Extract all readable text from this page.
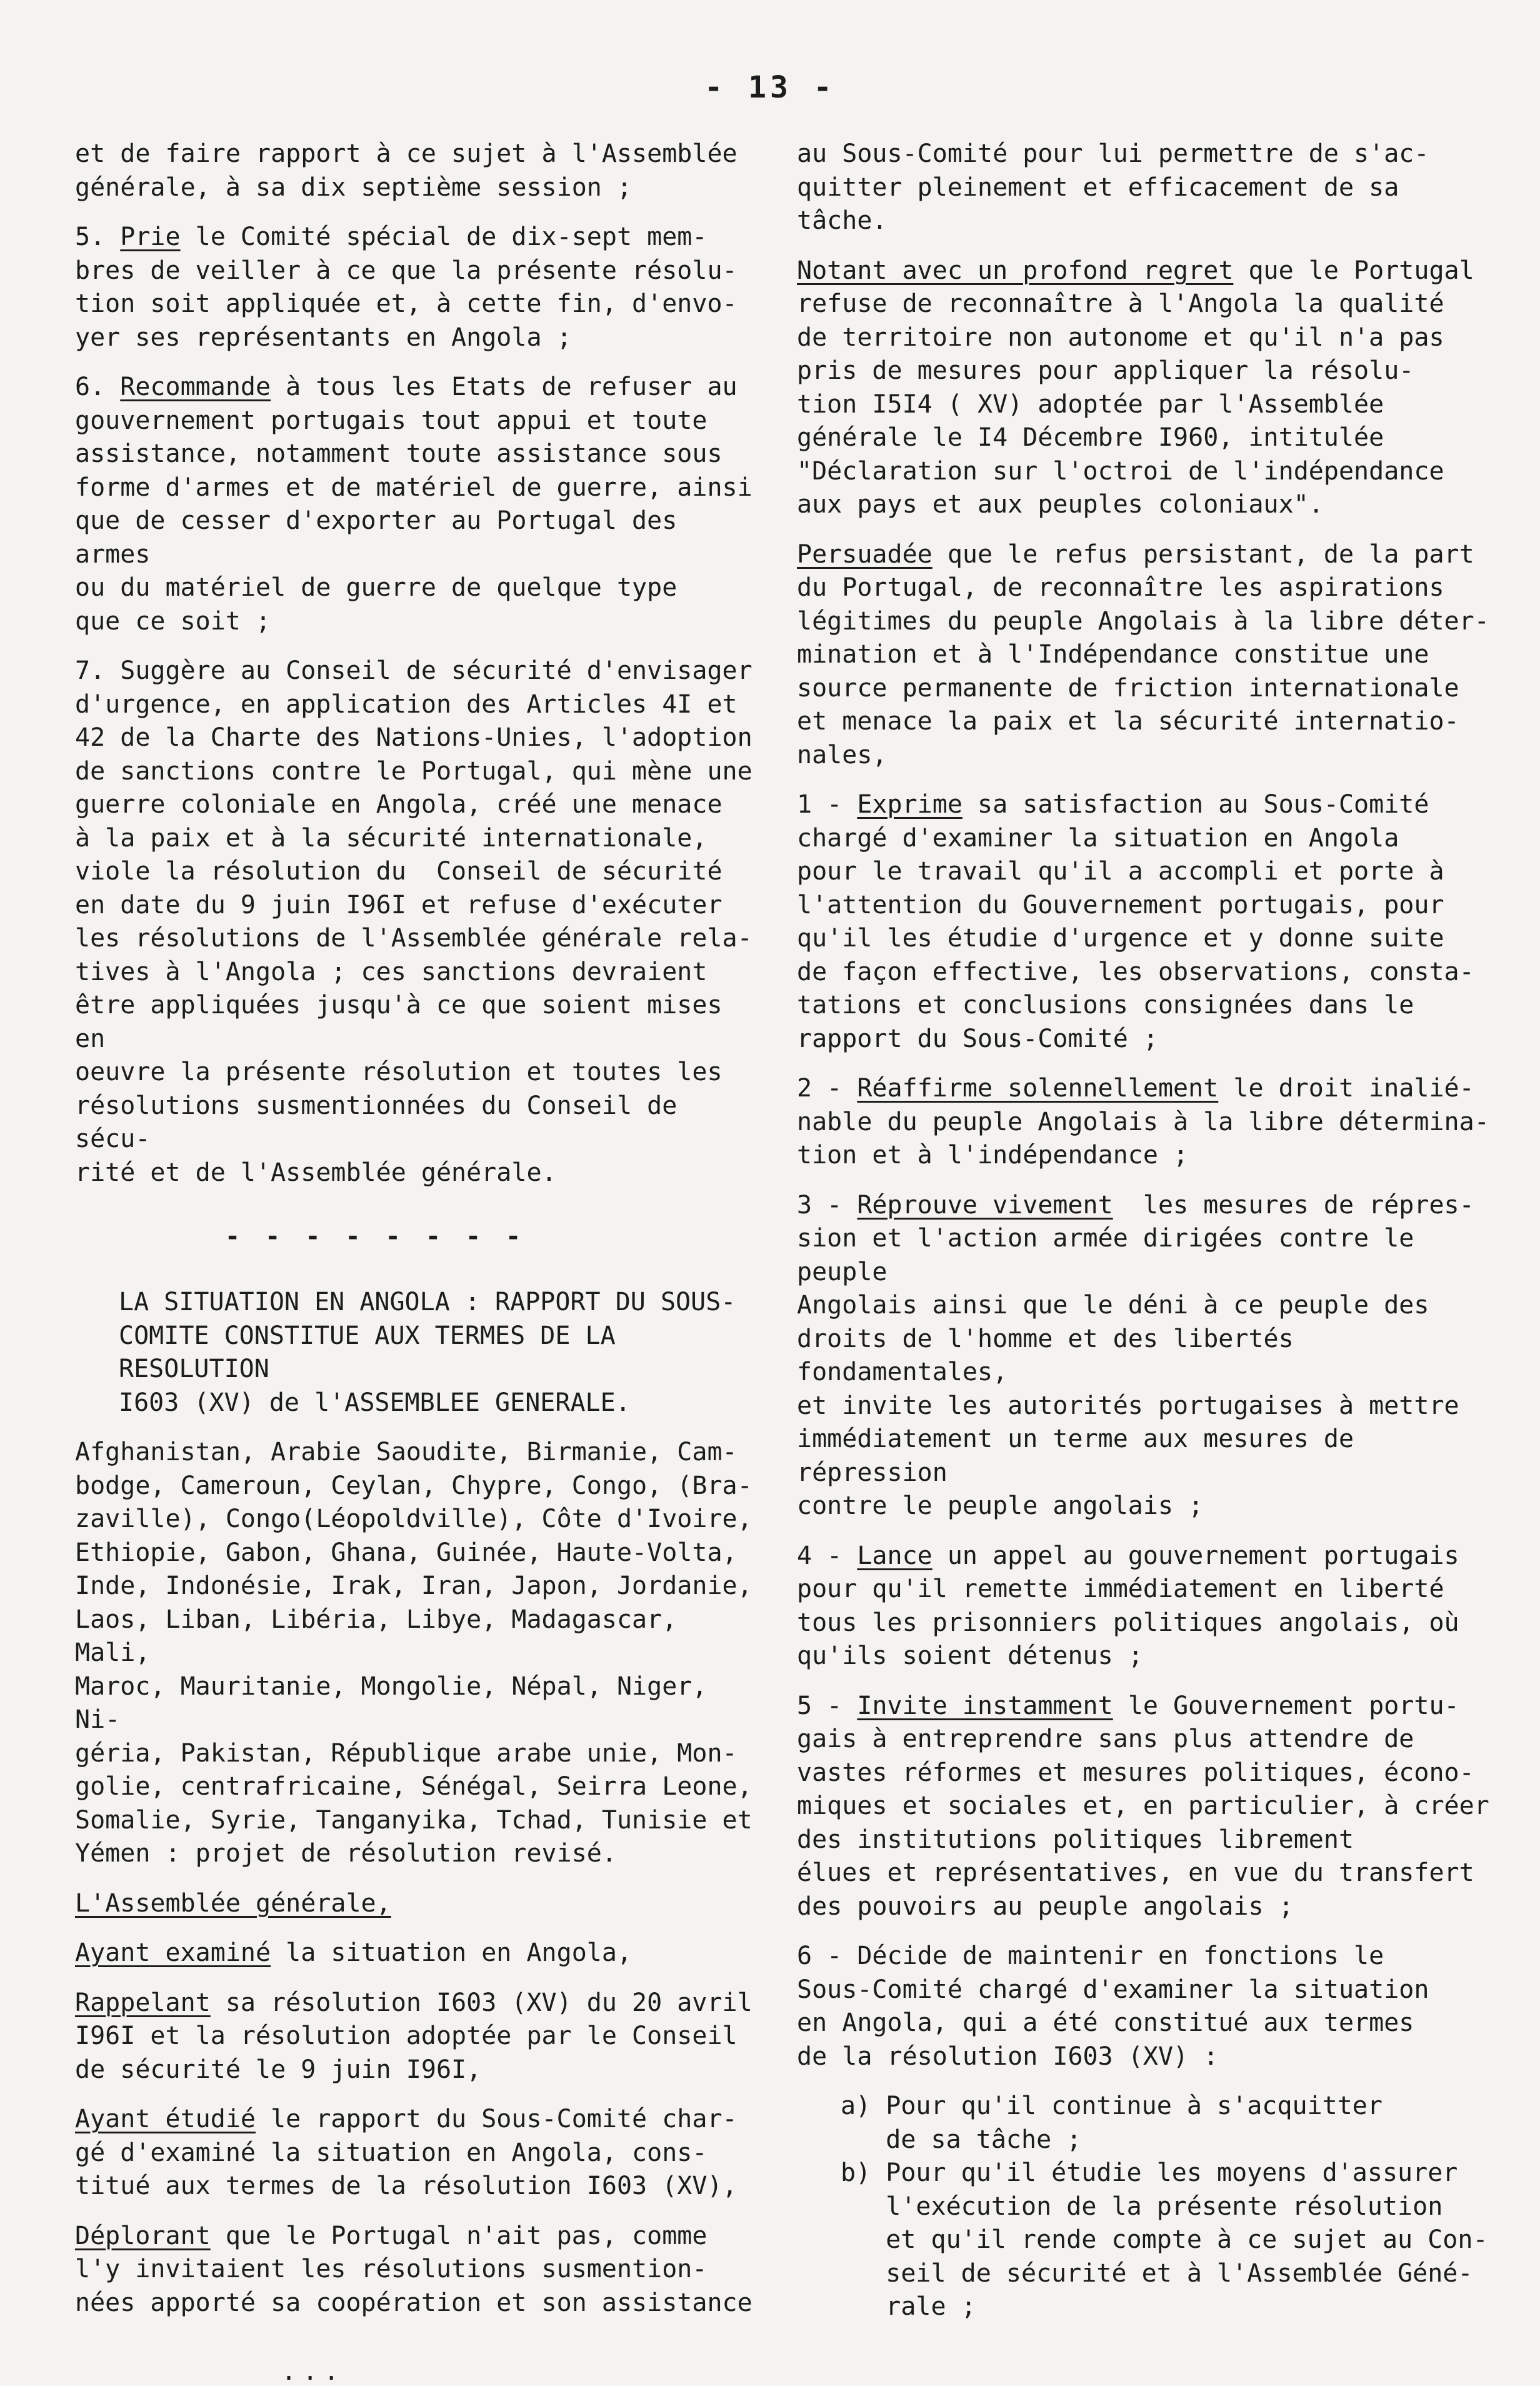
- 13 -

et de faire rapport à ce sujet à l'Assemblée
générale, à sa dix septième session ;

5. Prie le Comité spécial de dix-sept mem-
bres de veiller à ce que la présente résolu-
tion soit appliquée et, à cette fin, d'envo-
yer ses représentants en Angola ;

6. Recommande à tous les Etats de refuser au
gouvernement portugais tout appui et toute
assistance, notamment toute assistance sous
forme d'armes et de matériel de guerre, ainsi
que de cesser d'exporter au Portugal des armes
ou du matériel de guerre de quelque type
que ce soit ;

7. Suggère au Conseil de sécurité d'envisager
d'urgence, en application des Articles 4I et
42 de la Charte des Nations-Unies, l'adoption
de sanctions contre le Portugal, qui mène une
guerre coloniale en Angola, créé une menace
à la paix et à la sécurité internationale,
viole la résolution du  Conseil de sécurité
en date du 9 juin I96I et refuse d'exécuter
les résolutions de l'Assemblée générale rela-
tives à l'Angola ; ces sanctions devraient
être appliquées jusqu'à ce que soient mises en
oeuvre la présente résolution et toutes les
résolutions susmentionnées du Conseil de sécu-
rité et de l'Assemblée générale.

- - - - - - - -

LA SITUATION EN ANGOLA : RAPPORT DU SOUS-
COMITE CONSTITUE AUX TERMES DE LA RESOLUTION
I603 (XV) de l'ASSEMBLEE GENERALE.

Afghanistan, Arabie Saoudite, Birmanie, Cam-
bodge, Cameroun, Ceylan, Chypre, Congo, (Bra-
zaville), Congo(Léopoldville), Côte d'Ivoire,
Ethiopie, Gabon, Ghana, Guinée, Haute-Volta,
Inde, Indonésie, Irak, Iran, Japon, Jordanie,
Laos, Liban, Libéria, Libye, Madagascar, Mali,
Maroc, Mauritanie, Mongolie, Népal, Niger, Ni-
géria, Pakistan, République arabe unie, Mon-
golie, centrafricaine, Sénégal, Seirra Leone,
Somalie, Syrie, Tanganyika, Tchad, Tunisie et
Yémen : projet de résolution revisé.

L'Assemblée générale,

Ayant examiné la situation en Angola,

Rappelant sa résolution I603 (XV) du 20 avril
I96I et la résolution adoptée par le Conseil
de sécurité le 9 juin I96I,

Ayant étudié le rapport du Sous-Comité char-
gé d'examiné la situation en Angola, cons-
titué aux termes de la résolution I603 (XV),

Déplorant que le Portugal n'ait pas, comme
l'y invitaient les résolutions susmention-
nées apporté sa coopération et son assistance

...

au Sous-Comité pour lui permettre de s'ac-
quitter pleinement et efficacement de sa tâche.

Notant avec un profond regret que le Portugal
refuse de reconnaître à l'Angola la qualité
de territoire non autonome et qu'il n'a pas
pris de mesures pour appliquer la résolu-
tion I5I4 ( XV) adoptée par l'Assemblée
générale le I4 Décembre I960, intitulée
"Déclaration sur l'octroi de l'indépendance
aux pays et aux peuples coloniaux".

Persuadée que le refus persistant, de la part
du Portugal, de reconnaître les aspirations
légitimes du peuple Angolais à la libre déter-
mination et à l'Indépendance constitue une
source permanente de friction internationale
et menace la paix et la sécurité internatio-
nales,

1 - Exprime sa satisfaction au Sous-Comité
chargé d'examiner la situation en Angola
pour le travail qu'il a accompli et porte à
l'attention du Gouvernement portugais, pour
qu'il les étudie d'urgence et y donne suite
de façon effective, les observations, consta-
tations et conclusions consignées dans le
rapport du Sous-Comité ;

2 - Réaffirme solennellement le droit inalié-
nable du peuple Angolais à la libre détermina-
tion et à l'indépendance ;

3 - Réprouve vivement  les mesures de répres-
sion et l'action armée dirigées contre le peuple
Angolais ainsi que le déni à ce peuple des
droits de l'homme et des libertés  fondamentales,
et invite les autorités portugaises à mettre
immédiatement un terme aux mesures de répression
contre le peuple angolais ;

4 - Lance un appel au gouvernement portugais
pour qu'il remette immédiatement en liberté
tous les prisonniers politiques angolais, où
qu'ils soient détenus ;

5 - Invite instamment le Gouvernement portu-
gais à entreprendre sans plus attendre de
vastes réformes et mesures politiques, écono-
miques et sociales et, en particulier, à créer
des institutions politiques librement
élues et représentatives, en vue du transfert
des pouvoirs au peuple angolais ;

6 - Décide de maintenir en fonctions le
Sous-Comité chargé d'examiner la situation
en Angola, qui a été constitué aux termes
de la résolution I603 (XV) :

a) Pour qu'il continue à s'acquitter
de sa tâche ;

b) Pour qu'il étudie les moyens d'assurer
l'exécution de la présente résolution
et qu'il rende compte à ce sujet au Con-
seil de sécurité et à l'Assemblée Géné-
rale ;
